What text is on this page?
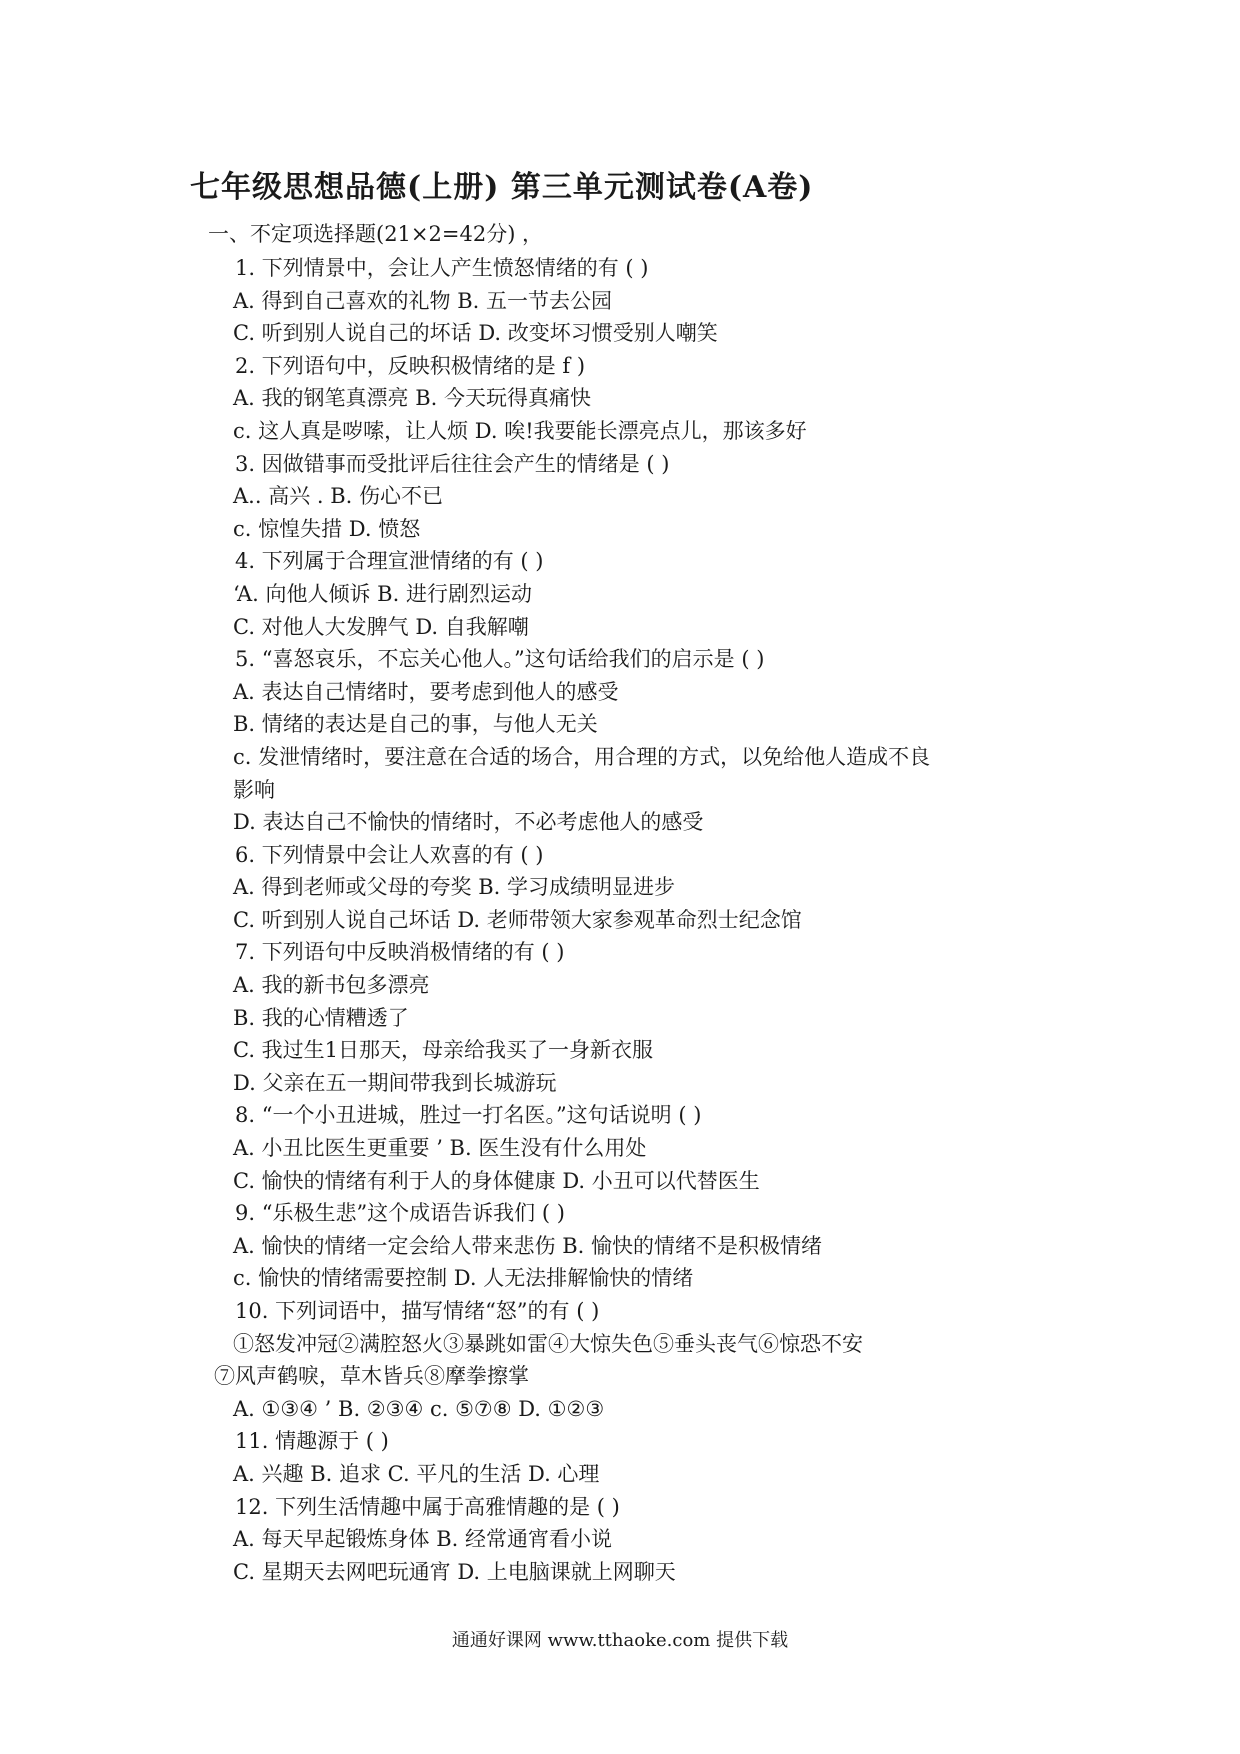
七年级思想品德(上册) 第三单元测试卷(A卷)
一、不定项选择题(21×2=42分) ，
1. 下列情景中，会让人产生愤怒情绪的有 ( )
A. 得到自己喜欢的礼物 B. 五一节去公园
C. 听到别人说自己的坏话 D. 改变坏习惯受别人嘲笑
2. 下列语句中，反映积极情绪的是 f )
A. 我的钢笔真漂亮 B. 今天玩得真痛快
c. 这人真是哕嗦，让人烦 D. 唉!我要能长漂亮点儿，那该多好
3. 因做错事而受批评后往往会产生的情绪是 ( )
A.. 高兴 . B. 伤心不已
c. 惊惶失措 D. 愤怒
4. 下列属于合理宣泄情绪的有 ( )
‘A. 向他人倾诉 B. 进行剧烈运动
C. 对他人大发脾气 D. 自我解嘲
5. “喜怒哀乐，不忘关心他人。”这句话给我们的启示是 ( )
A. 表达自己情绪时，要考虑到他人的感受
B. 情绪的表达是自己的事，与他人无关
c. 发泄情绪时，要注意在合适的场合，用合理的方式，以免给他人造成不良
影响
D. 表达自己不愉快的情绪时，不必考虑他人的感受
6. 下列情景中会让人欢喜的有 ( )
A. 得到老师或父母的夸奖 B. 学习成绩明显进步
C. 听到别人说自己坏话 D. 老师带领大家参观革命烈士纪念馆
7. 下列语句中反映消极情绪的有 ( )
A. 我的新书包多漂亮
B. 我的心情糟透了
C. 我过生1日那天，母亲给我买了一身新衣服
D. 父亲在五一期间带我到长城游玩
8. “一个小丑进城，胜过一打名医。”这句话说明 ( )
A. 小丑比医生更重要 ’ B. 医生没有什么用处
C. 愉快的情绪有利于人的身体健康 D. 小丑可以代替医生
9. “乐极生悲”这个成语告诉我们 ( )
A. 愉快的情绪一定会给人带来悲伤 B. 愉快的情绪不是积极情绪
c. 愉快的情绪需要控制 D. 人无法排解愉快的情绪
10. 下列词语中，描写情绪“怒”的有 ( )
①怒发冲冠②满腔怒火③暴跳如雷④大惊失色⑤垂头丧气⑥惊恐不安
⑦风声鹤唳，草木皆兵⑧摩拳擦掌
A. ①③④ ’ B. ②③④ c. ⑤⑦⑧ D. ①②③
11. 情趣源于 ( )
A. 兴趣 B. 追求 C. 平凡的生活 D. 心理
12. 下列生活情趣中属于高雅情趣的是 ( )
A. 每天早起锻炼身体 B. 经常通宵看小说
C. 星期天去网吧玩通宵 D. 上电脑课就上网聊天
通通好课网 www.tthaoke.com 提供下载
